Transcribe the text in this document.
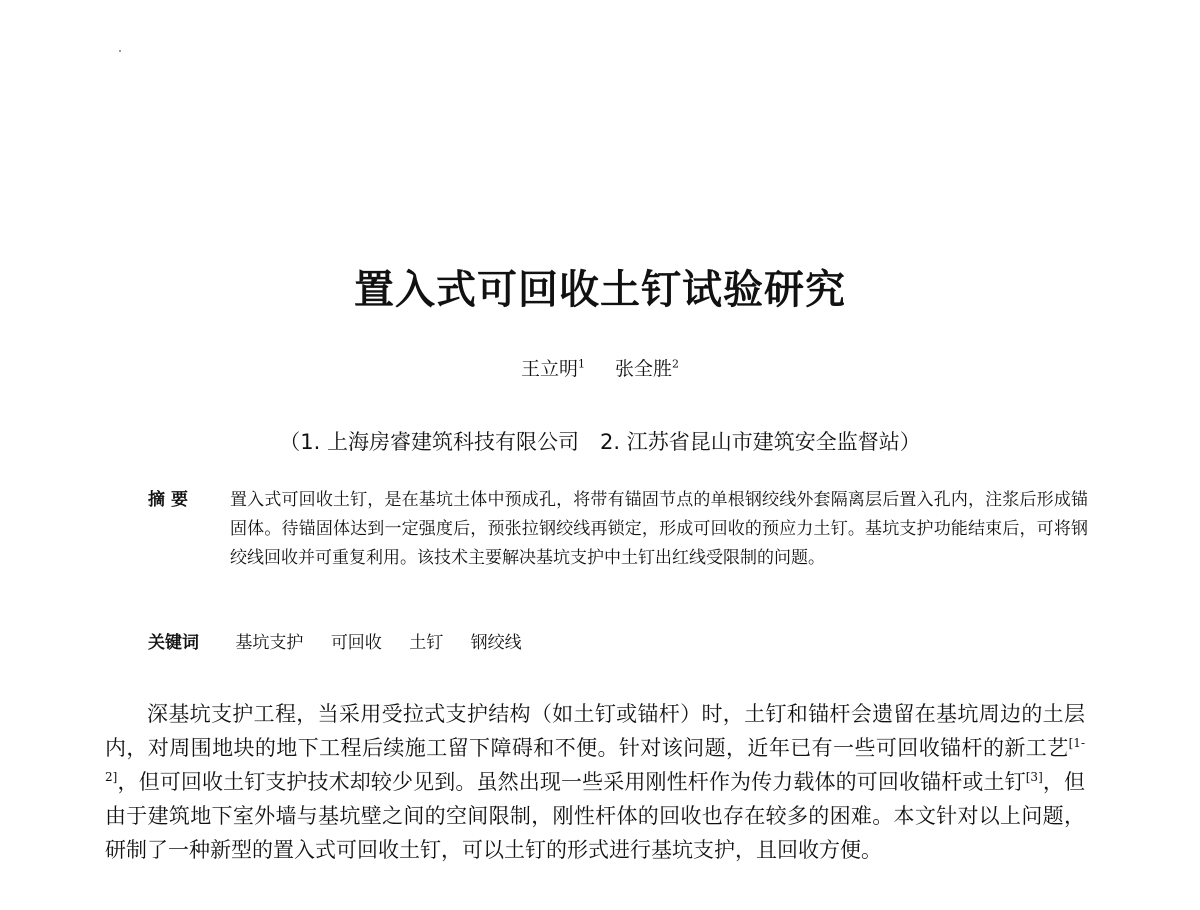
置入式可回收土钉试验研究
王立明$^1$ 张全胜$^2$
（1. 上海房睿建筑科技有限公司　2. 江苏省昆山市建筑安全监督站）
摘要	置入式可回收土钉，是在基坑土体中预成孔，将带有锚固节点的单根钢绞线外套隔离层后置入孔内，注浆后形成锚固体。待锚固体达到一定强度后，预张拉钢绞线再锁定，形成可回收的预应力土钉。基坑支护功能结束后，可将钢绞线回收并可重复利用。该技术主要解决基坑支护中土钉出红线受限制的问题。
关键词 基坑支护 可回收 土钉 钢绞线
深基坑支护工程，当采用受拉式支护结构（如土钉或锚杆）时，土钉和锚杆会遗留在基坑周边的土层内，对周围地块的地下工程后续施工留下障碍和不便。针对该问题，近年已有一些可回收锚杆的新工艺[1-2]，但可回收土钉支护技术却较少见到。虽然出现一些采用刚性杆作为传力载体的可回收锚杆或土钉[3]，但由于建筑地下室外墙与基坑壁之间的空间限制，刚性杆体的回收也存在较多的困难。本文针对以上问题，研制了一种新型的置入式可回收土钉，可以土钉的形式进行基坑支护，且回收方便。
